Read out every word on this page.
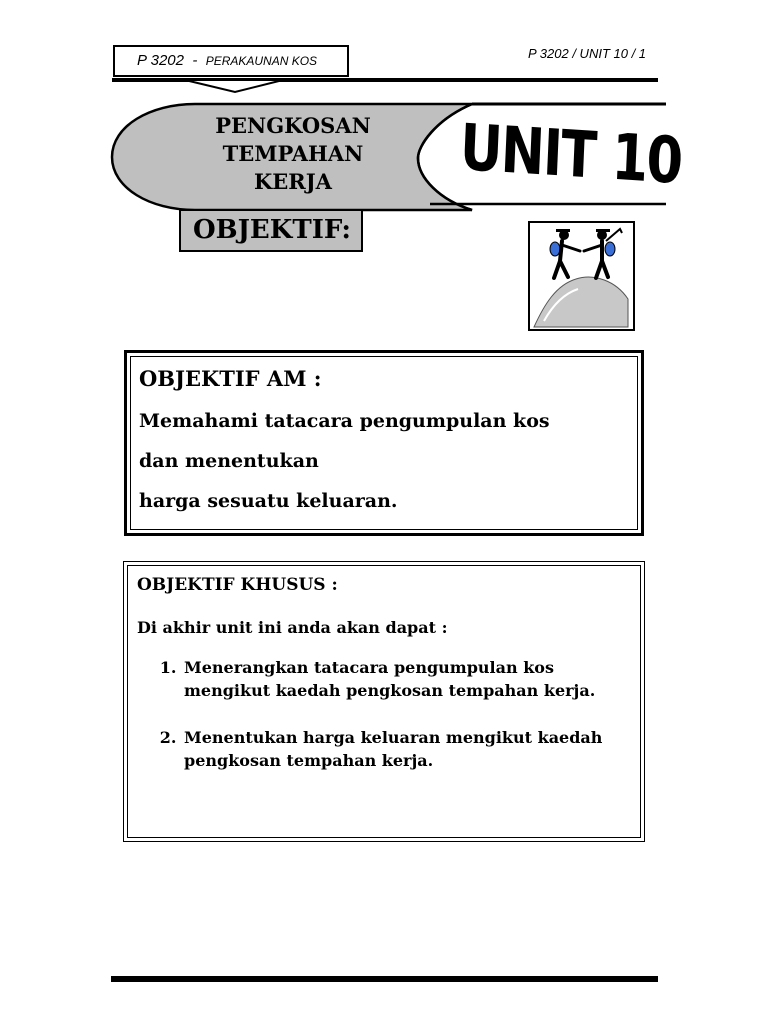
P 3202 - PERAKAUNAN KOS	P 3202 / UNIT 10 / 1
PENGKOSAN
TEMPAHAN
KERJA	UNIT 10
OBJEKTIF:
OBJEKTIF AM :
Memahami tatacara pengumpulan kos
dan menentukan
harga sesuatu keluaran.
OBJEKTIF KHUSUS :
Di akhir unit ini anda akan dapat :
1. Menerangkan tatacara pengumpulan kos mengikut kaedah pengkosan tempahan kerja.
2. Menentukan harga keluaran mengikut kaedah pengkosan tempahan kerja.
